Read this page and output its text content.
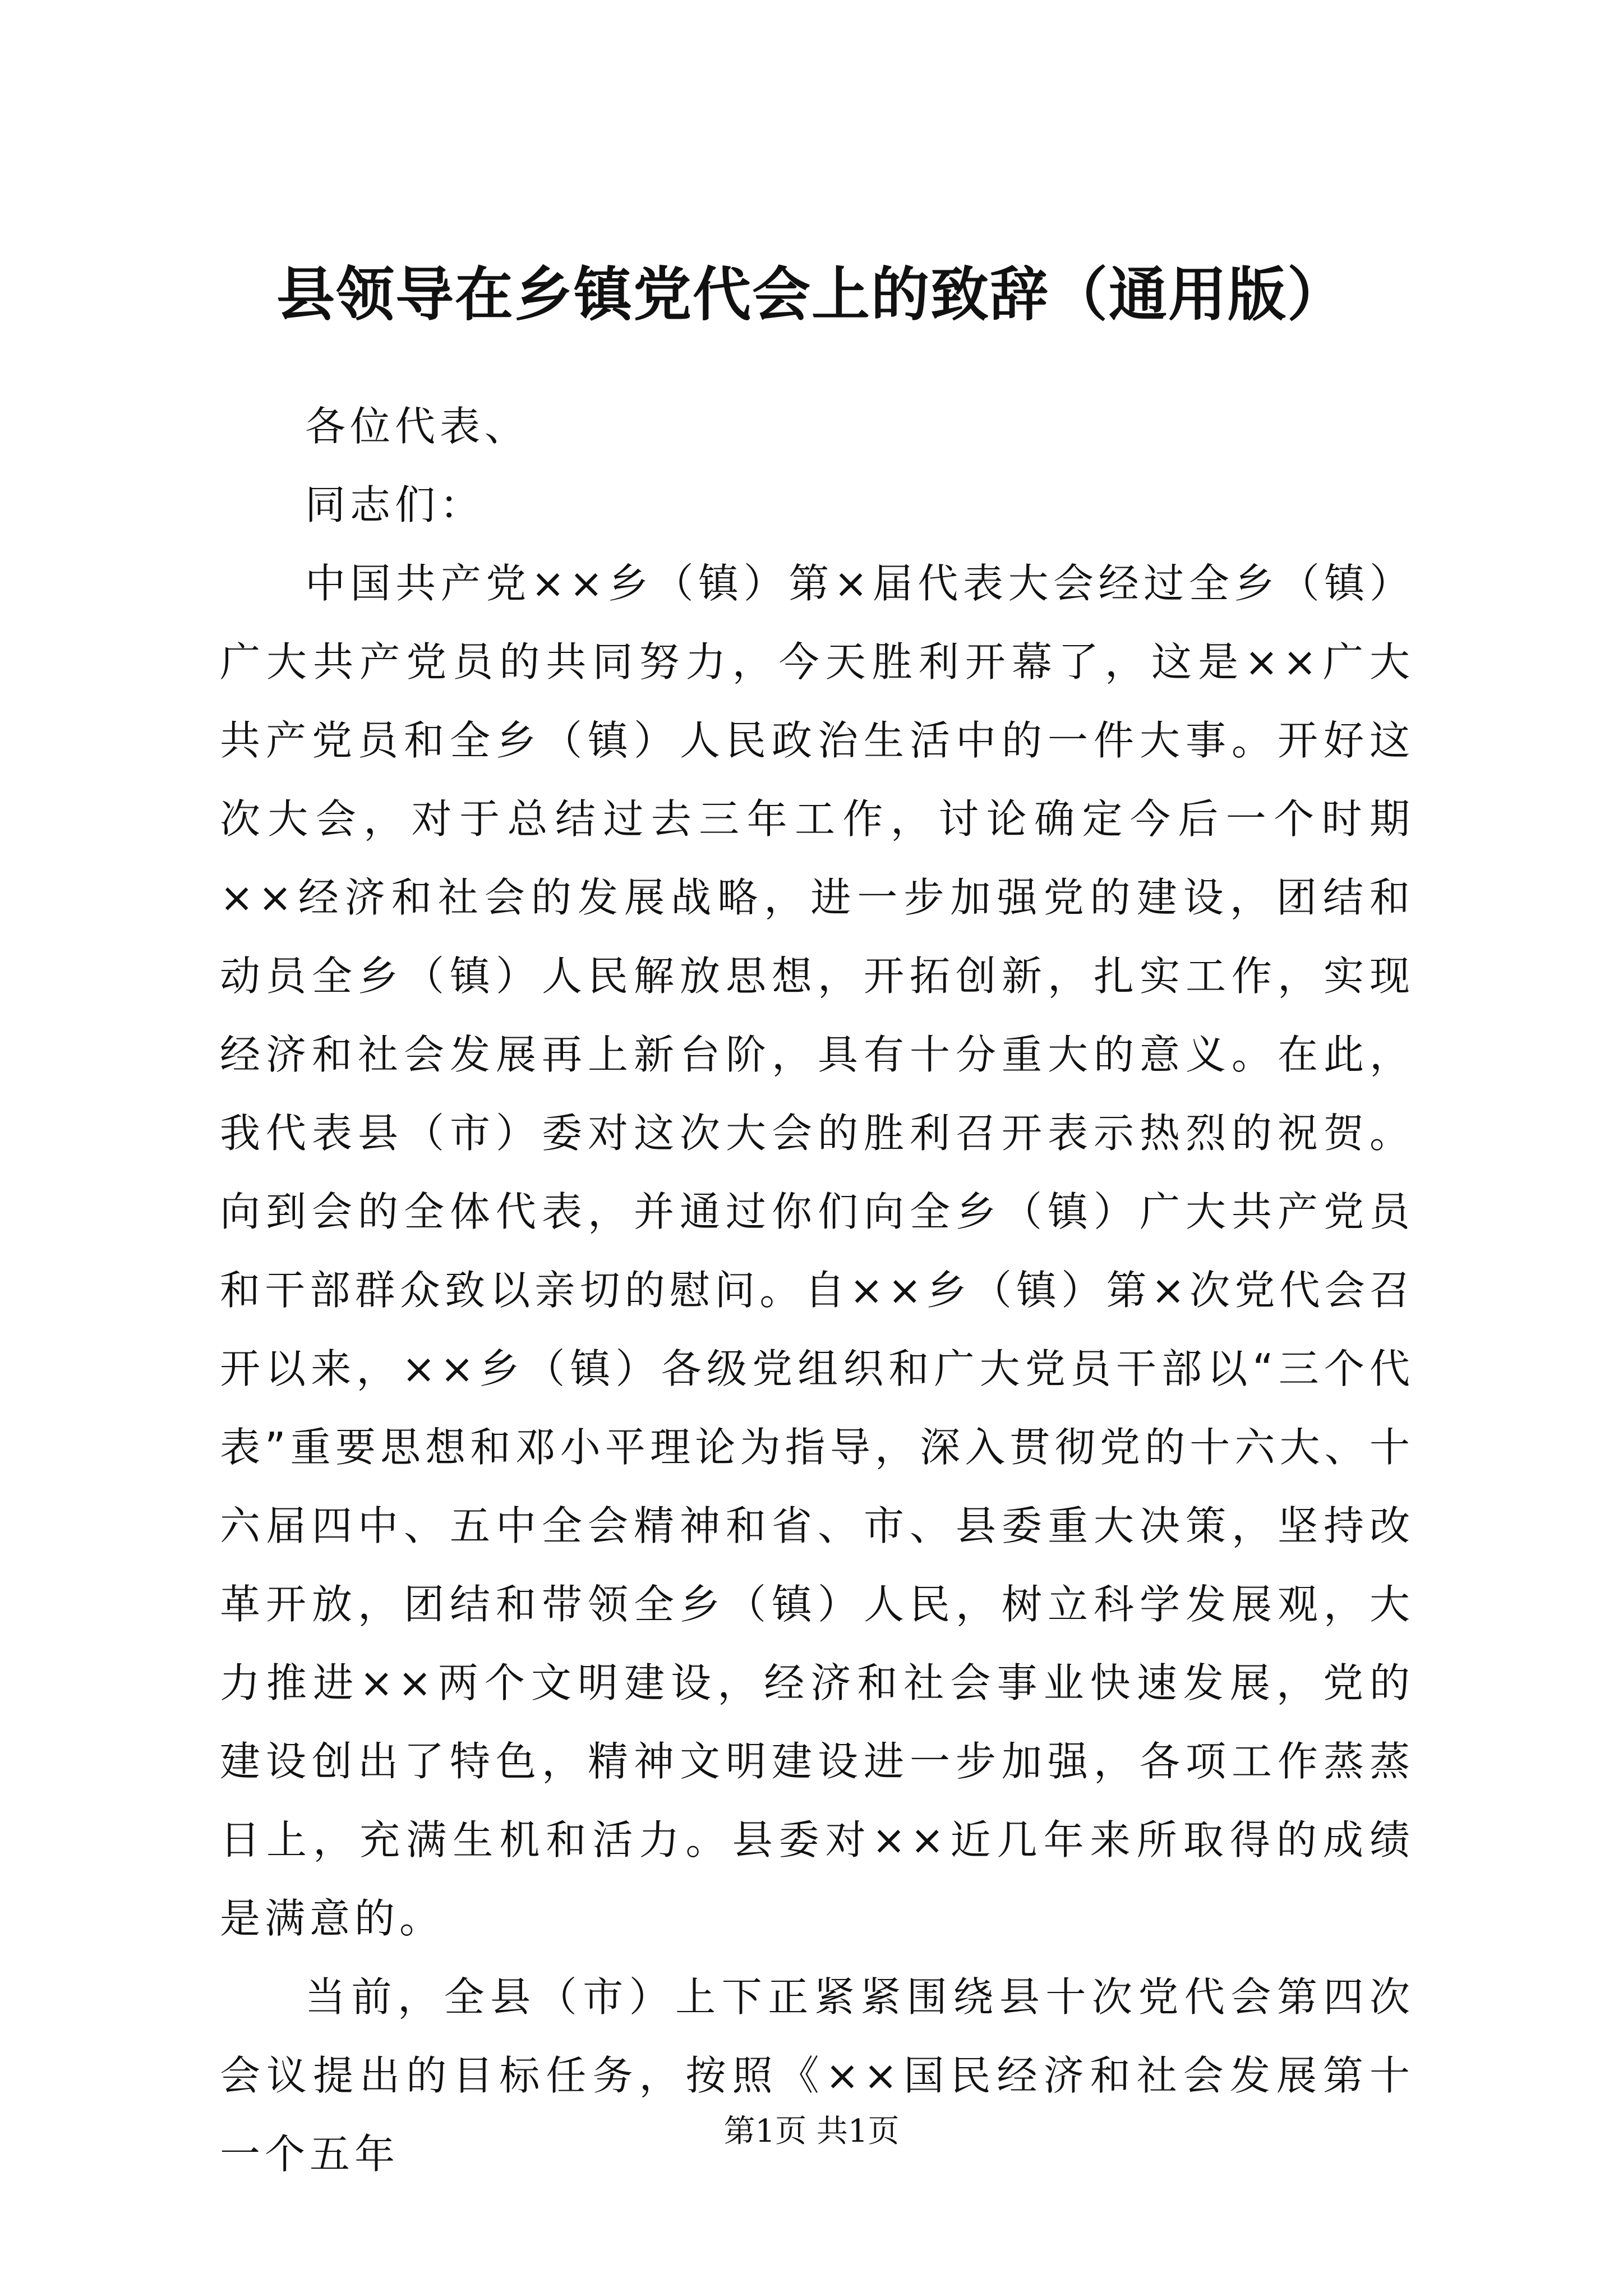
县领导在乡镇党代会上的致辞（通用版）

各位代表、

同志们：

中国共产党××乡（镇）第×届代表大会经过全乡（镇）广大共产党员的共同努力，今天胜利开幕了，这是××广大共产党员和全乡（镇）人民政治生活中的一件大事。开好这次大会，对于总结过去三年工作，讨论确定今后一个时期××经济和社会的发展战略，进一步加强党的建设，团结和动员全乡（镇）人民解放思想，开拓创新，扎实工作，实现经济和社会发展再上新台阶，具有十分重大的意义。在此，我代表县（市）委对这次大会的胜利召开表示热烈的祝贺。向到会的全体代表，并通过你们向全乡（镇）广大共产党员和干部群众致以亲切的慰问。自××乡（镇）第×次党代会召开以来，××乡（镇）各级党组织和广大党员干部以“三个代表”重要思想和邓小平理论为指导，深入贯彻党的十六大、十六届四中、五中全会精神和省、市、县委重大决策，坚持改革开放，团结和带领全乡（镇）人民，树立科学发展观，大力推进××两个文明建设，经济和社会事业快速发展，党的建设创出了特色，精神文明建设进一步加强，各项工作蒸蒸日上，充满生机和活力。县委对××近几年来所取得的成绩是满意的。

当前，全县（市）上下正紧紧围绕县十次党代会第四次会议提出的目标任务，按照《××国民经济和社会发展第十一个五年	第1页 共1页
